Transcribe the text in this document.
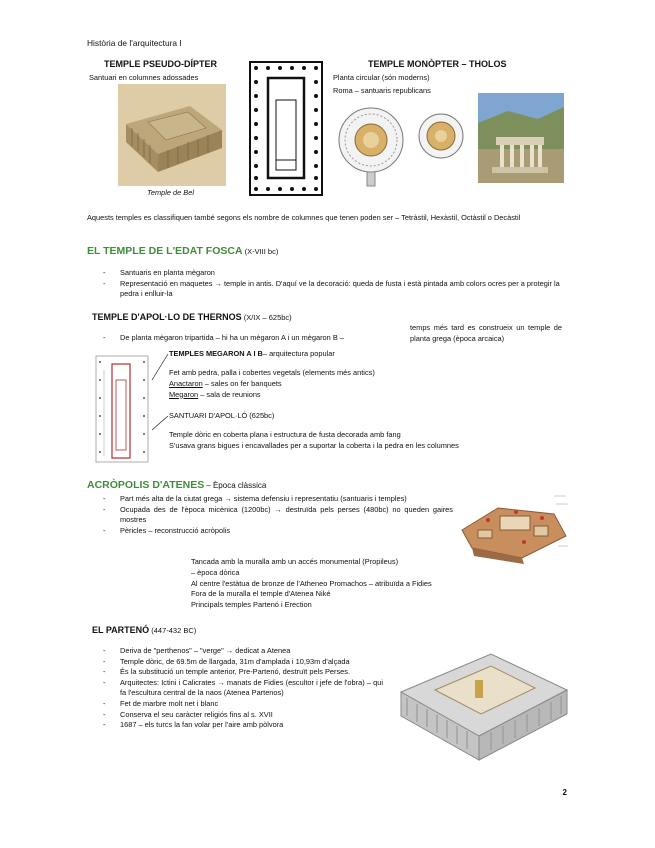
Història de l'arquitectura I
TEMPLE PSEUDO-DÍPTER
Santuari en columnes adossades
Temple de Bel
TEMPLE MONÒPTER – THOLOS
Planta circular (són moderns)
Roma – santuaris republicans
Aquests temples es classifiquen també segons els nombre de columnes que tenen poden ser – Tetràstil, Hexàstil, Octàstil o Decàstil
EL TEMPLE DE L'EDAT FOSCA (X-VIII bc)
- Santuaris en planta mègaron
- Representació en maquetes → temple in antis. D'aquí ve la decoració: queda de fusta i està pintada amb colors ocres per a protegir la pedra i enlluir-la
TEMPLE D'APOL·LO DE THERNOS (X/IX – 625bc)
- De planta mègaron tripartida – hi ha un mègaron A i un mègaron B –
temps més tard es construeix un temple de planta grega (època arcaica)
TEMPLES MEGARON A I B– arquitectura popular
Fet amb pedra, palla i cobertes vegetals (elements més antics)
Anactaron – sales on fer banquets
Megaron – sala de reunions
SANTUARI D'APOL·LÓ (625bc)
Temple dòric en coberta plana i estructura de fusta decorada amb fang
S'usava grans bigues i encavallades per a suportar la coberta i la pedra en les columnes
ACRÒPOLIS D'ATENES – Època clàssica
- Part més alta de la ciutat grega → sistema defensiu i representatiu (santuaris i temples)
- Ocupada des de l'època micènica (1200bc) → destruïda pels perses (480bc) no queden gaires mostres
- Pèricles – reconstrucció acròpolis
Tancada amb la muralla amb un accés monumental (Propileus)
– època dòrica
Al centre l'estàtua de bronze de l'Atheneo Promachos – atribuïda a Fidies
Fora de la muralla el temple d'Atenea Niké
Principals temples Partenó i Erection
EL PARTENÓ (447-432 BC)
- Deriva de "perthenos" – "verge" → dedicat a Atenea
- Temple dòric, de 69.5m de llargada, 31m d'amplada i 10,93m d'alçada
- És la substitució un temple anterior, Pre-Partenó, destruït pels Perses.
- Arquitectes: Ictini i Calicrates → manats de Fidies (escultor i jefe de l'obra) – qui fa l'escultura central de la naos (Atenea Partenos)
- Fet de marbre molt net i blanc
- Conserva el seu caràcter religiós fins al s. XVII
- 1687 – els turcs la fan volar per l'aire amb pòlvora
2
